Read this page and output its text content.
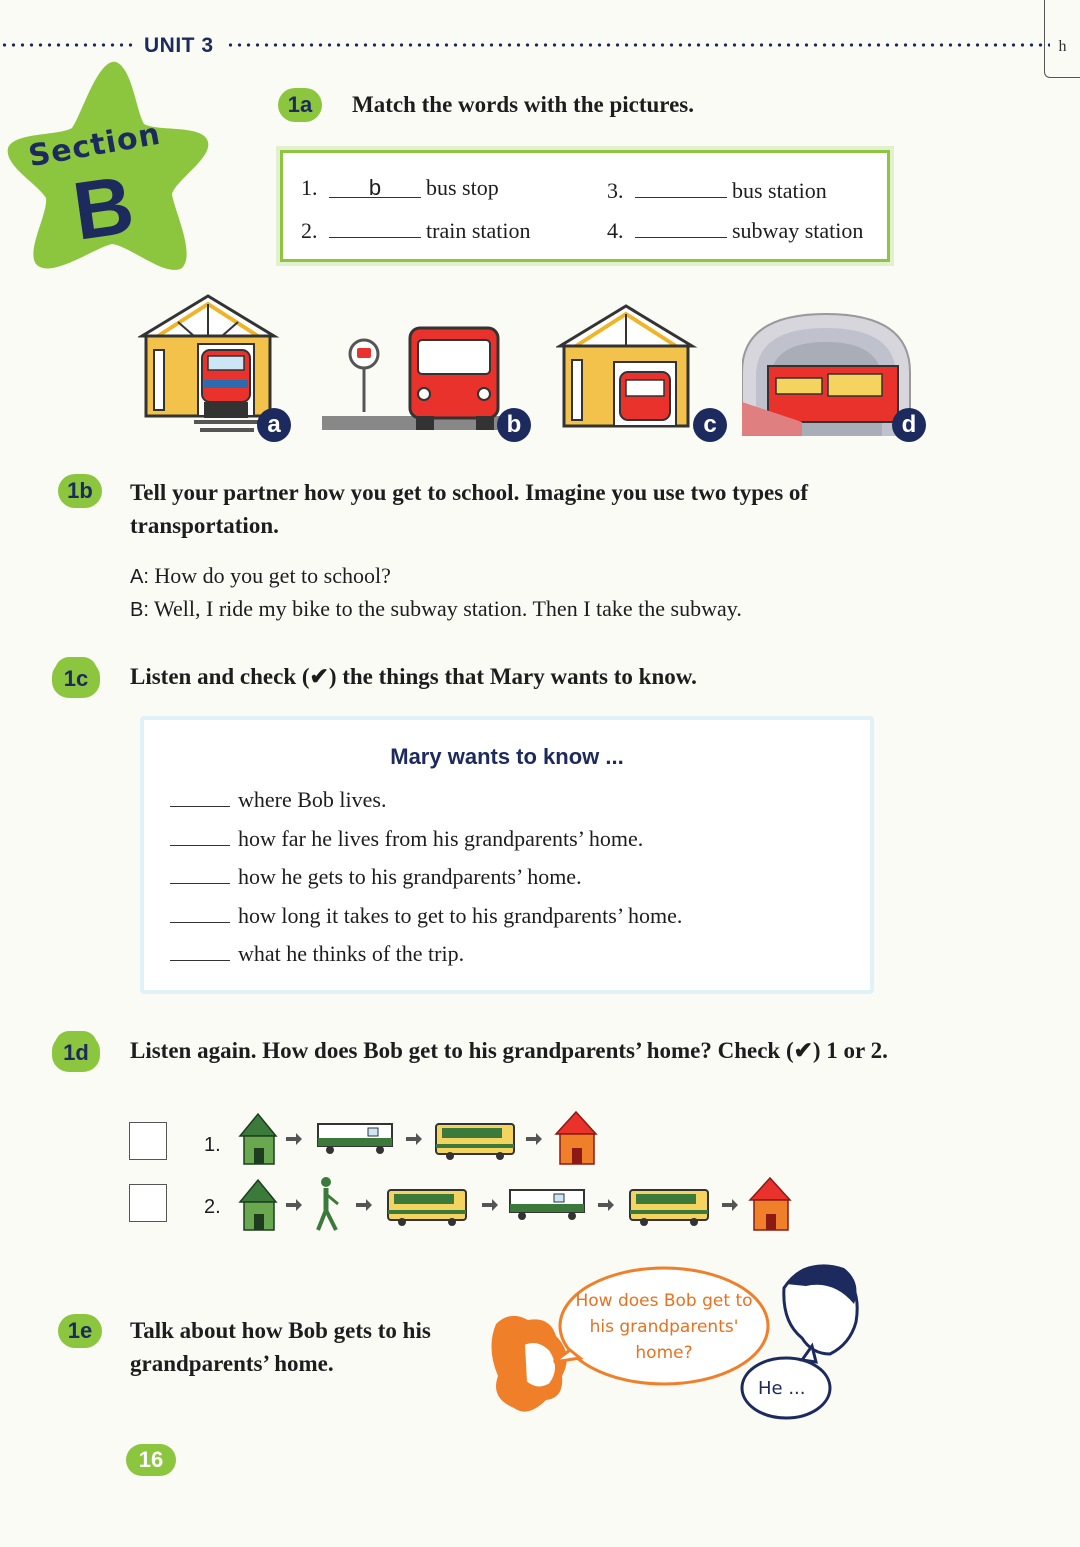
UNIT 3	h
Section
B
1a	Match the words with the pictures.
1.	b	bus stop
2.	train station
3.	bus station
4.	subway station
a	b	c	d
1b	Tell your partner how you get to school. Imagine you use two types of transportation.
A: How do you get to school?
B: Well, I ride my bike to the subway station. Then I take the subway.
1c	Listen and check (✔) the things that Mary wants to know.
Mary wants to know ...
where Bob lives.
how far he lives from his grandparents’ home.
how he gets to his grandparents’ home.
how long it takes to get to his grandparents’ home.
what he thinks of the trip.
1d	Listen again. How does Bob get to his grandparents’ home? Check (✔) 1 or 2.
1.
2.
1e	Talk about how Bob gets to his grandparents’ home.
How does Bob get to his grandparents' home?
He ...
16
